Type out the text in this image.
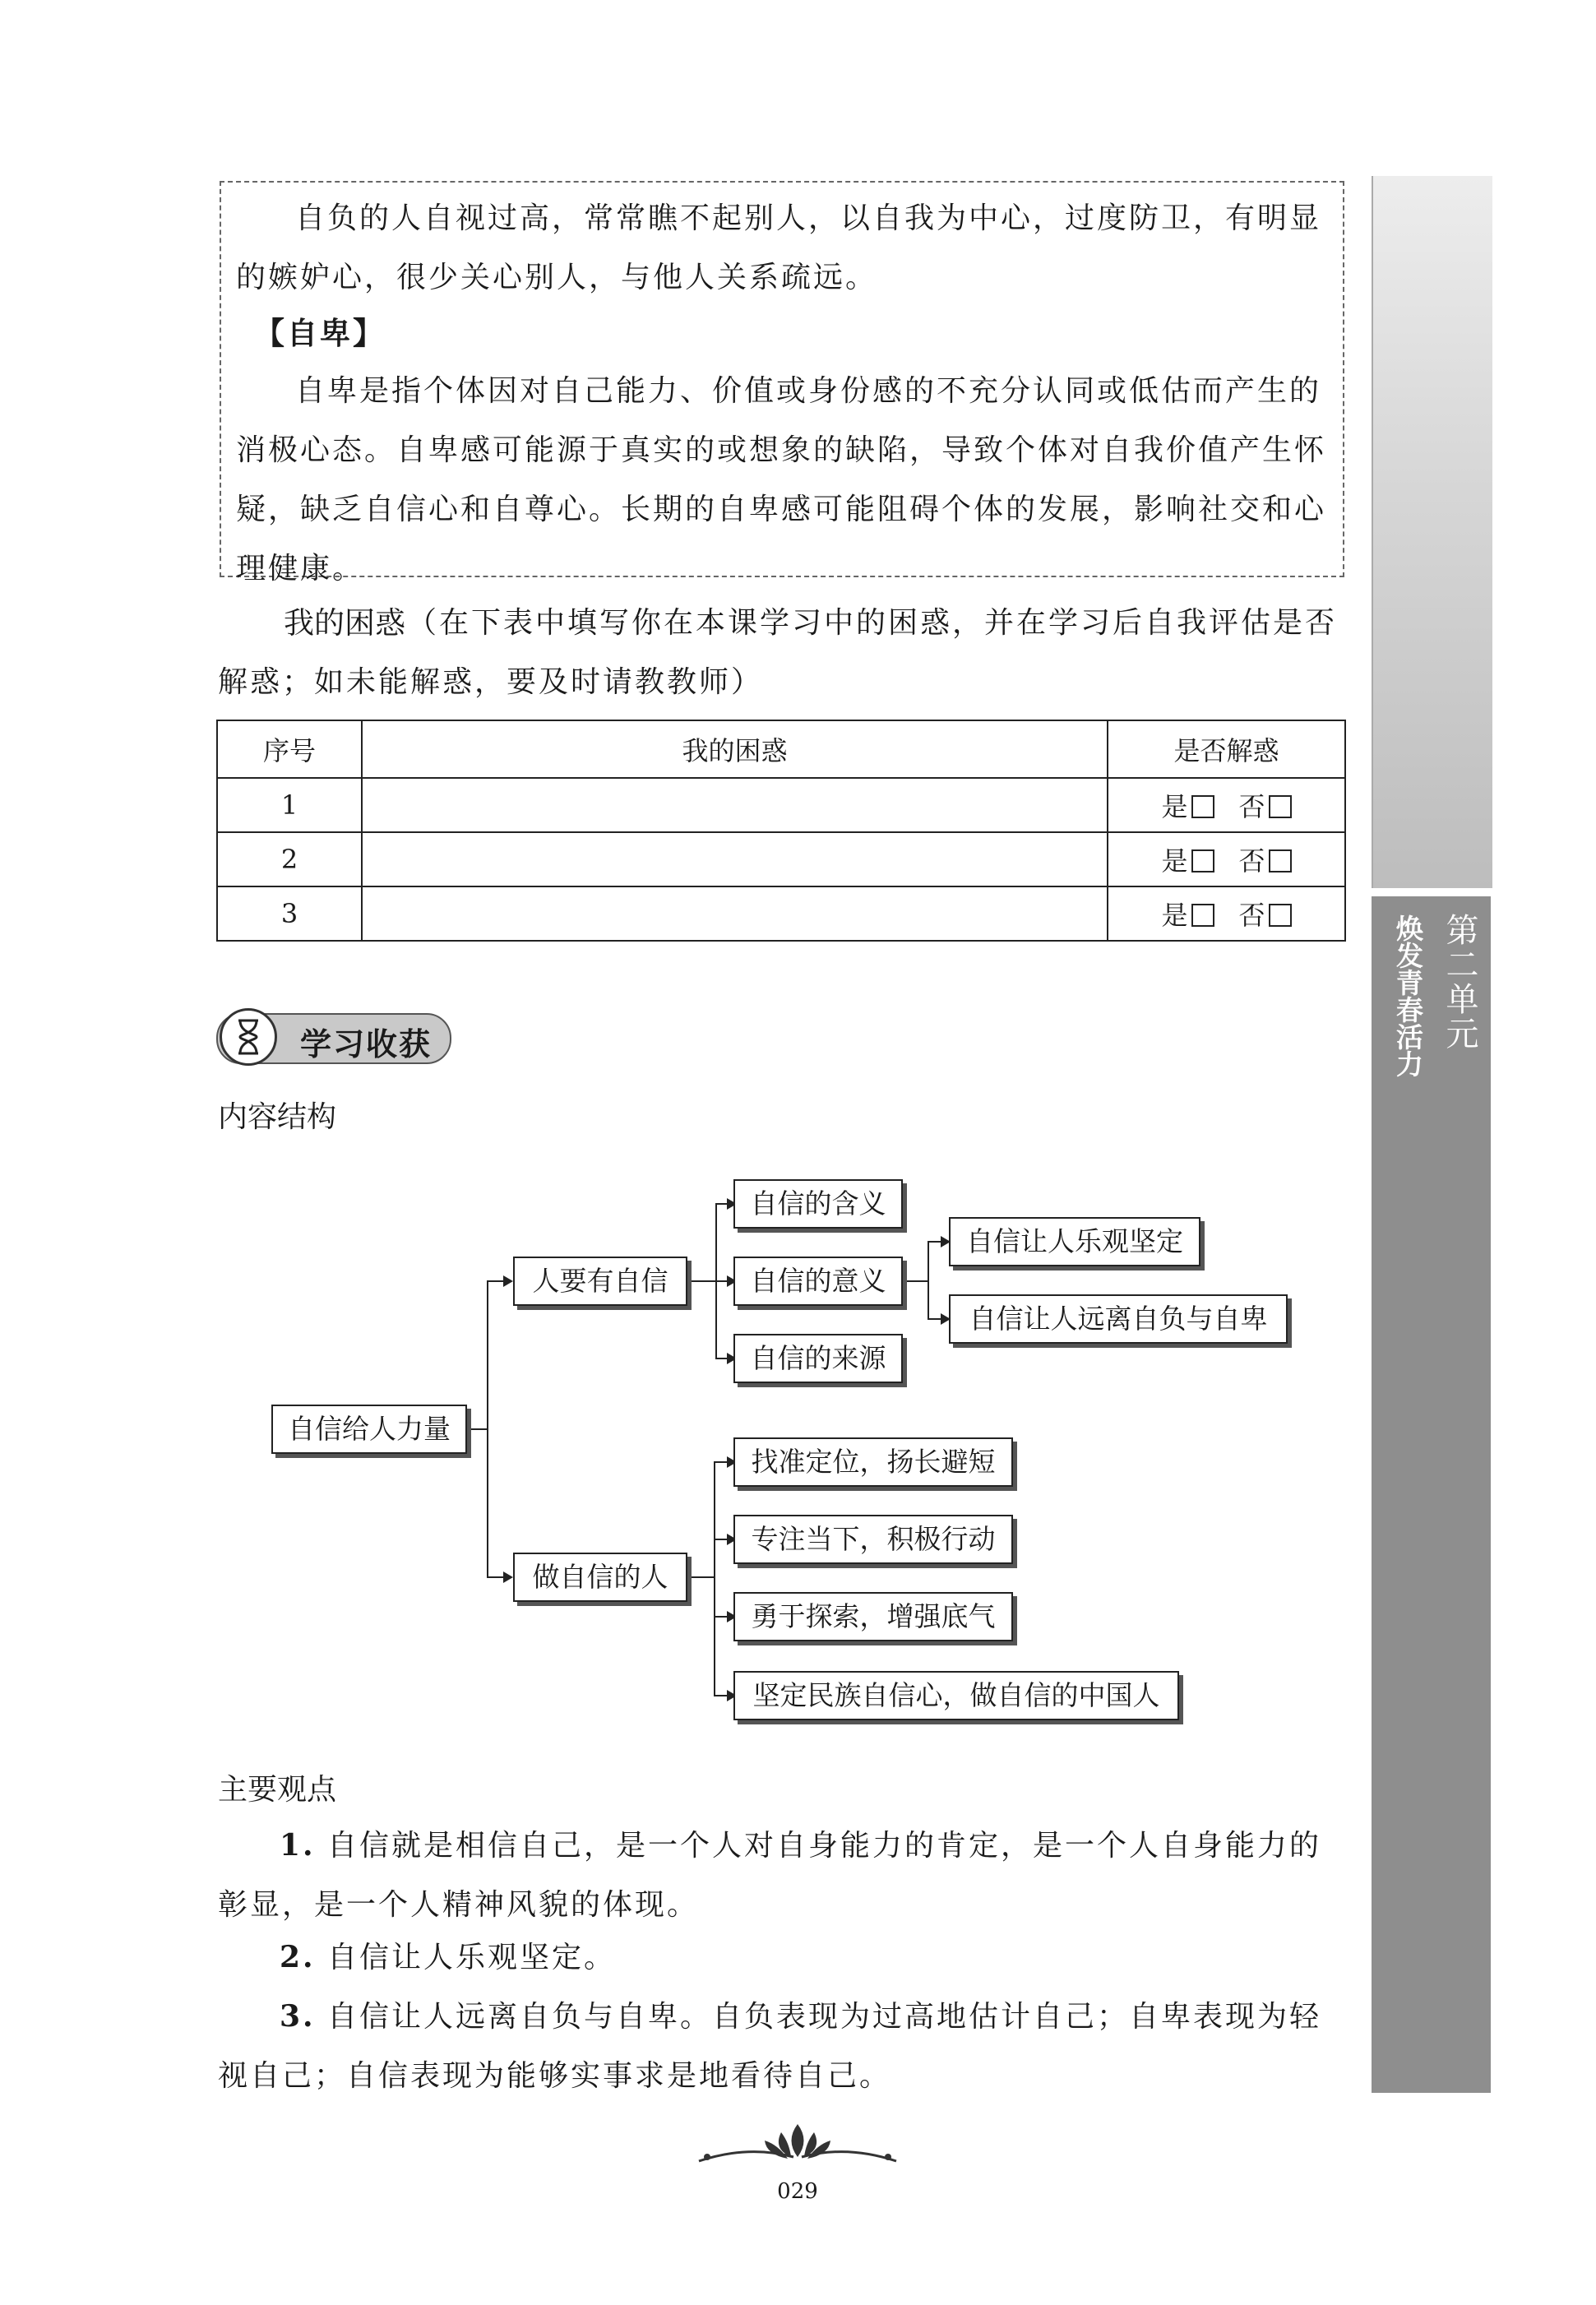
第二单元
焕发青春活力

自负的人自视过高，常常瞧不起别人，以自我为中心，过度防卫，有明显的嫉妒心，很少关心别人，与他人关系疏远。

【自卑】

自卑是指个体因对自己能力、价值或身份感的不充分认同或低估而产生的消极心态。自卑感可能源于真实的或想象的缺陷，导致个体对自我价值产生怀疑，缺乏自信心和自尊心。长期的自卑感可能阻碍个体的发展，影响社交和心理健康。

我的困惑 （在下表中填写你在本课学习中的困惑，并在学习后自我评估是否解惑；如未能解惑，要及时请教教师）

序号	我的困惑	是否解惑
1		是 否
2		是 否
3		是 否
学习收获
内容结构
自信给人力量
人要有自信
做自信的人
自信的含义
自信的意义
自信的来源
自信让人乐观坚定
自信让人远离自负与自卑
找准定位，扬长避短
专注当下，积极行动
勇于探索，增强底气
坚定民族自信心，做自信的中国人
主要观点

1. 自信就是相信自己，是一个人对自身能力的肯定，是一个人自身能力的彰显，是一个人精神风貌的体现。

2. 自信让人乐观坚定。

3. 自信让人远离自负与自卑。自负表现为过高地估计自己；自卑表现为轻视自己；自信表现为能够实事求是地看待自己。

029
